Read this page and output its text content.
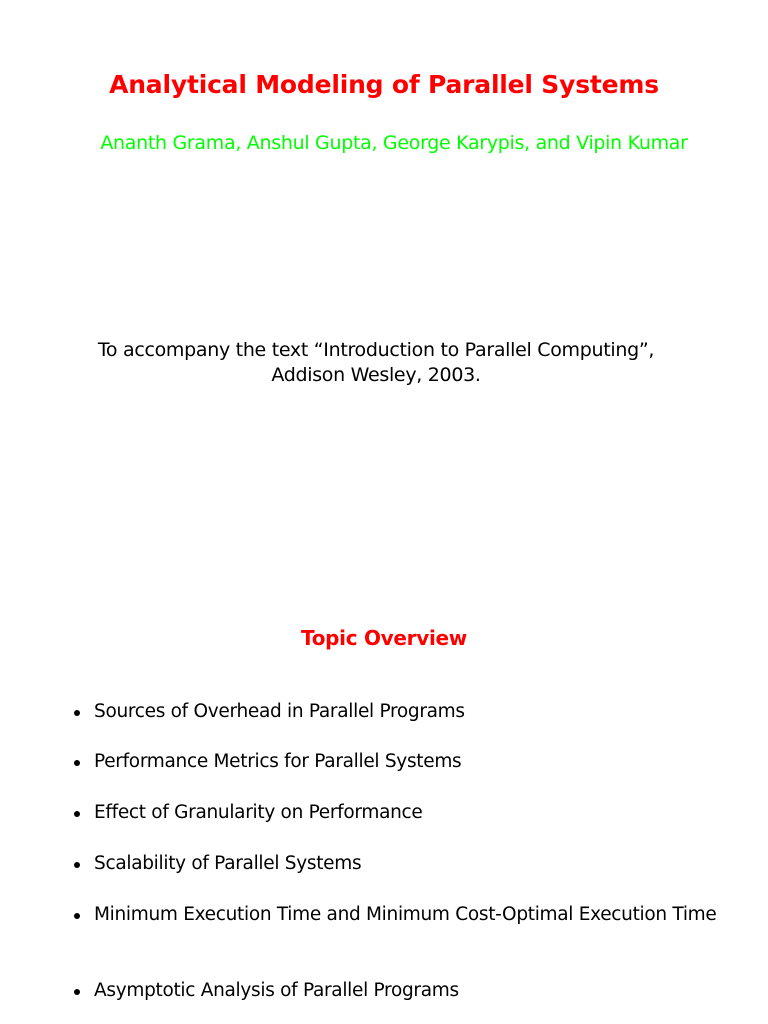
Analytical Modeling of Parallel Systems
Ananth Grama, Anshul Gupta, George Karypis, and Vipin Kumar
To accompany the text “Introduction to Parallel Computing”,
Addison Wesley, 2003.
Topic Overview
Sources of Overhead in Parallel Programs
Performance Metrics for Parallel Systems
Effect of Granularity on Performance
Scalability of Parallel Systems
Minimum Execution Time and Minimum Cost-Optimal Execution Time
Asymptotic Analysis of Parallel Programs
